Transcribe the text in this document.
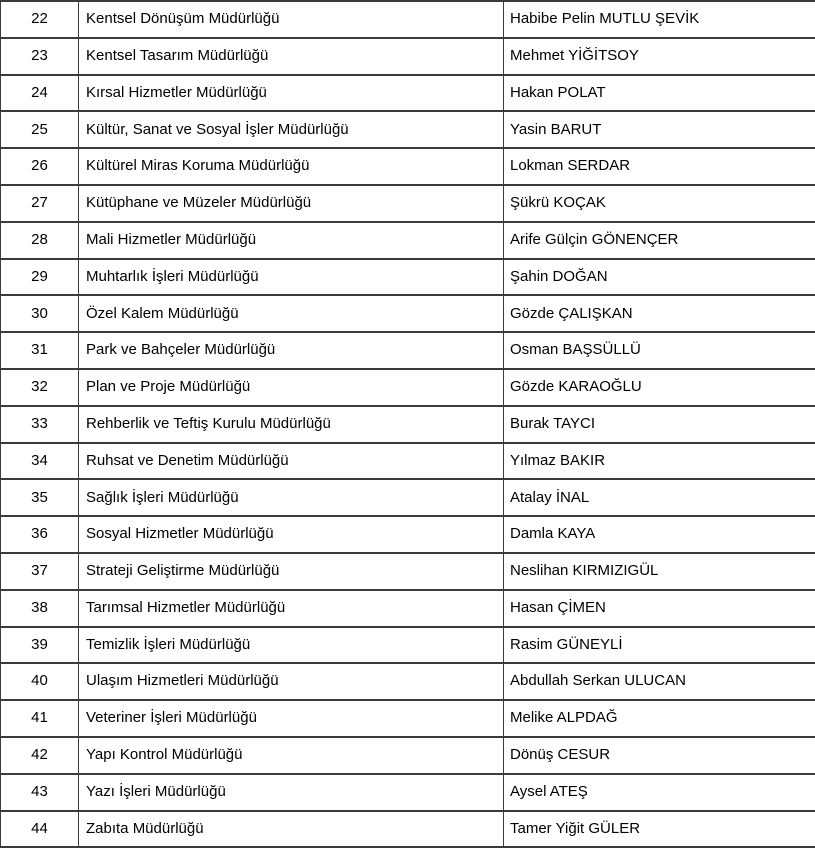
22	Kentsel Dönüşüm Müdürlüğü	Habibe Pelin MUTLU ŞEVİK
23	Kentsel Tasarım Müdürlüğü	Mehmet YİĞİTSOY
24	Kırsal Hizmetler Müdürlüğü	Hakan POLAT
25	Kültür, Sanat ve Sosyal İşler Müdürlüğü	Yasin BARUT
26	Kültürel Miras Koruma Müdürlüğü	Lokman SERDAR
27	Kütüphane ve Müzeler Müdürlüğü	Şükrü KOÇAK
28	Mali Hizmetler Müdürlüğü	Arife Gülçin GÖNENÇER
29	Muhtarlık İşleri Müdürlüğü	Şahin DOĞAN
30	Özel Kalem Müdürlüğü	Gözde ÇALIŞKAN
31	Park ve Bahçeler Müdürlüğü	Osman BAŞSÜLLÜ
32	Plan ve Proje Müdürlüğü	Gözde KARAOĞLU
33	Rehberlik ve Teftiş Kurulu Müdürlüğü	Burak TAYCI
34	Ruhsat ve Denetim Müdürlüğü	Yılmaz BAKIR
35	Sağlık İşleri Müdürlüğü	Atalay İNAL
36	Sosyal Hizmetler Müdürlüğü	Damla KAYA
37	Strateji Geliştirme Müdürlüğü	Neslihan KIRMIZIGÜL
38	Tarımsal Hizmetler Müdürlüğü	Hasan ÇİMEN
39	Temizlik İşleri Müdürlüğü	Rasim GÜNEYLİ
40	Ulaşım Hizmetleri Müdürlüğü	Abdullah Serkan ULUCAN
41	Veteriner İşleri Müdürlüğü	Melike ALPDAĞ
42	Yapı Kontrol Müdürlüğü	Dönüş CESUR
43	Yazı İşleri Müdürlüğü	Aysel ATEŞ
44	Zabıta Müdürlüğü	Tamer Yiğit GÜLER
